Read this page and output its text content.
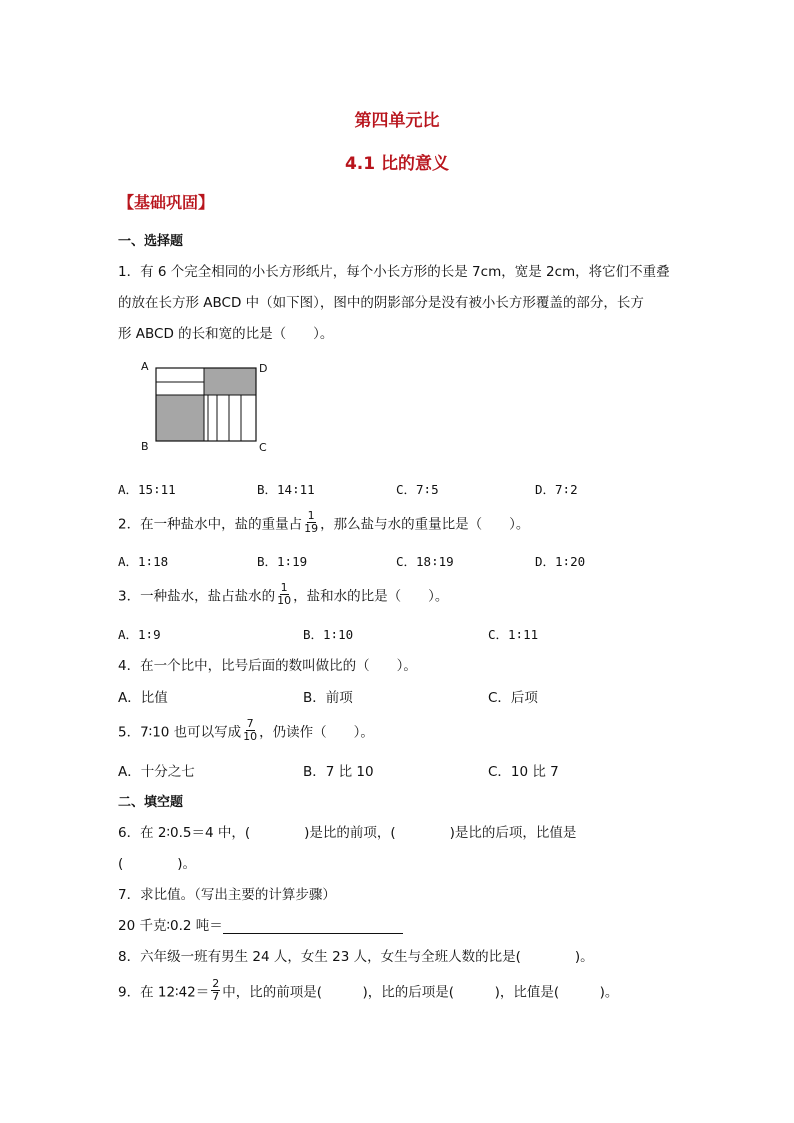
第四单元比
4.1 比的意义
【基础巩固】
一、选择题
1．有 6 个完全相同的小长方形纸片，每个小长方形的长是 7cm，宽是 2cm，将它们不重叠
的放在长方形 ABCD 中（如下图），图中的阴影部分是没有被小长方形覆盖的部分，长方
形 ABCD 的长和宽的比是（　　）。
A	D
B	C
A．15∶11	B．14∶11	C．7∶5	D．7∶2
2．在一种盐水中，盐的重量占 $\frac{1}{19}$ ，那么盐与水的重量比是（　　）。
A．1∶18	B．1∶19	C．18∶19	D．1∶20
3．一种盐水，盐占盐水的 $\frac{1}{10}$ ，盐和水的比是（　　）。
A．1∶9	B．1∶10	C．1∶11
4．在一个比中，比号后面的数叫做比的（　　）。
A．比值	B．前项	C．后项
5．7∶10 也可以写成 $\frac{7}{10}$ ，仍读作（　　）。
A．十分之七	B．7 比 10	C．10 比 7
二、填空题
6．在 2∶0.5＝4 中，(　　　　)是比的前项，(　　　　)是比的后项，比值是
(　　　　)。
7．求比值。（写出主要的计算步骤）
20 千克∶0.2 吨＝
8．六年级一班有男生 24 人，女生 23 人，女生与全班人数的比是(　　　　)。
9．在 12∶42＝ $\frac{2}{7}$ 中，比的前项是(　　　)，比的后项是(　　　)，比值是(　　　)。
